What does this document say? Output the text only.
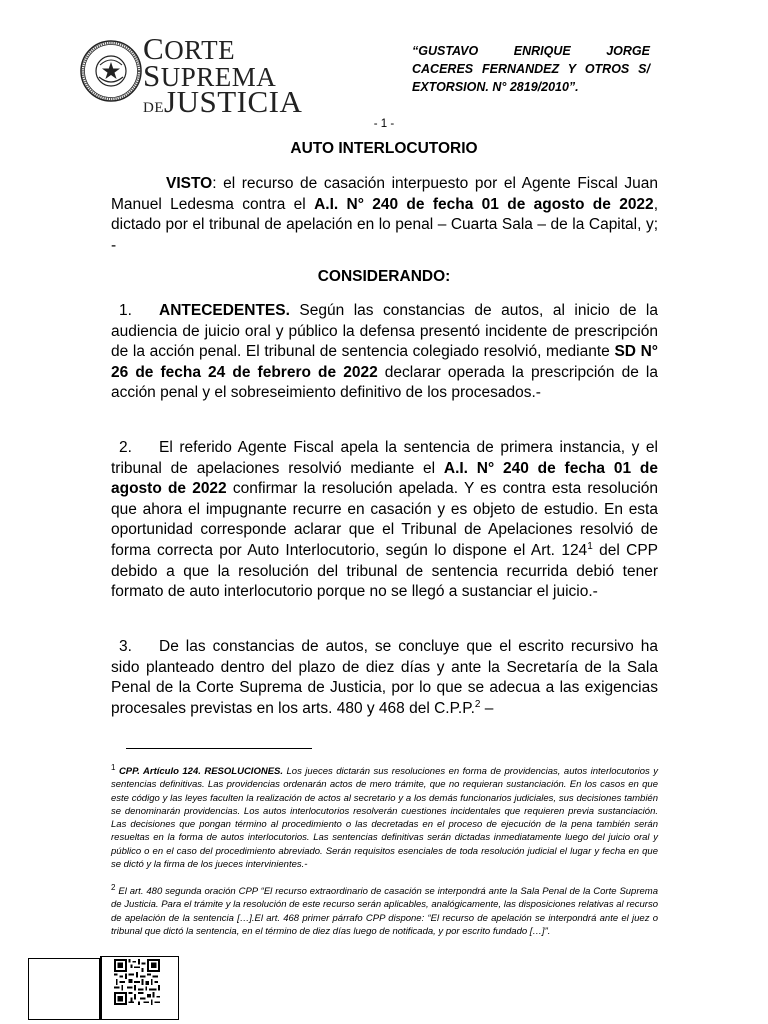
CORTE
SUPREMA
DEJUSTICIA
“GUSTAVO ENRIQUE JORGE CACERES FERNANDEZ Y OTROS S/ EXTORSION. N° 2819/2010”.
- 1 -
AUTO INTERLOCUTORIO
VISTO: el recurso de casación interpuesto por el Agente Fiscal Juan Manuel Ledesma contra el A.I. N° 240 de fecha 01 de agosto de 2022, dictado por el tribunal de apelación en lo penal – Cuarta Sala – de la Capital, y; -
CONSIDERANDO:
1. ANTECEDENTES. Según las constancias de autos, al inicio de la audiencia de juicio oral y público la defensa presentó incidente de prescripción de la acción penal. El tribunal de sentencia colegiado resolvió, mediante SD N° 26 de fecha 24 de febrero de 2022 declarar operada la prescripción de la acción penal y el sobreseimiento definitivo de los procesados.-
2. El referido Agente Fiscal apela la sentencia de primera instancia, y el tribunal de apelaciones resolvió mediante el A.I. N° 240 de fecha 01 de agosto de 2022 confirmar la resolución apelada. Y es contra esta resolución que ahora el impugnante recurre en casación y es objeto de estudio. En esta oportunidad corresponde aclarar que el Tribunal de Apelaciones resolvió de forma correcta por Auto Interlocutorio, según lo dispone el Art. $124^1$ del CPP debido a que la resolución del tribunal de sentencia recurrida debió tener formato de auto interlocutorio porque no se llegó a sustanciar el juicio.-
3. De las constancias de autos, se concluye que el escrito recursivo ha sido planteado dentro del plazo de diez días y ante la Secretaría de la Sala Penal de la Corte Suprema de Justicia, por lo que se adecua a las exigencias procesales previstas en los arts. 480 y 468 del C.P.P.$^2$ –
$^1$ CPP. Artículo 124. RESOLUCIONES. Los jueces dictarán sus resoluciones en forma de providencias, autos interlocutorios y sentencias definitivas. Las providencias ordenarán actos de mero trámite, que no requieran sustanciación. En los casos en que este código y las leyes faculten la realización de actos al secretario y a los demás funcionarios judiciales, sus decisiones también se denominarán providencias. Los autos interlocutorios resolverán cuestiones incidentales que requieren previa sustanciación. Las decisiones que pongan término al procedimiento o las decretadas en el proceso de ejecución de la pena también serán resueltas en la forma de autos interlocutorios. Las sentencias definitivas serán dictadas inmediatamente luego del juicio oral y público o en el caso del procedimiento abreviado. Serán requisitos esenciales de toda resolución judicial el lugar y fecha en que se dictó y la firma de los jueces intervinientes.-
$^2$ El art. 480 segunda oración CPP “El recurso extraordinario de casación se interpondrá ante la Sala Penal de la Corte Suprema de Justicia. Para el trámite y la resolución de este recurso serán aplicables, analógicamente, las disposiciones relativas al recurso de apelación de la sentencia […].El art. 468 primer párrafo CPP dispone: “El recurso de apelación se interpondrá ante el juez o tribunal que dictó la sentencia, en el término de diez días luego de notificada, y por escrito fundado […]”.
